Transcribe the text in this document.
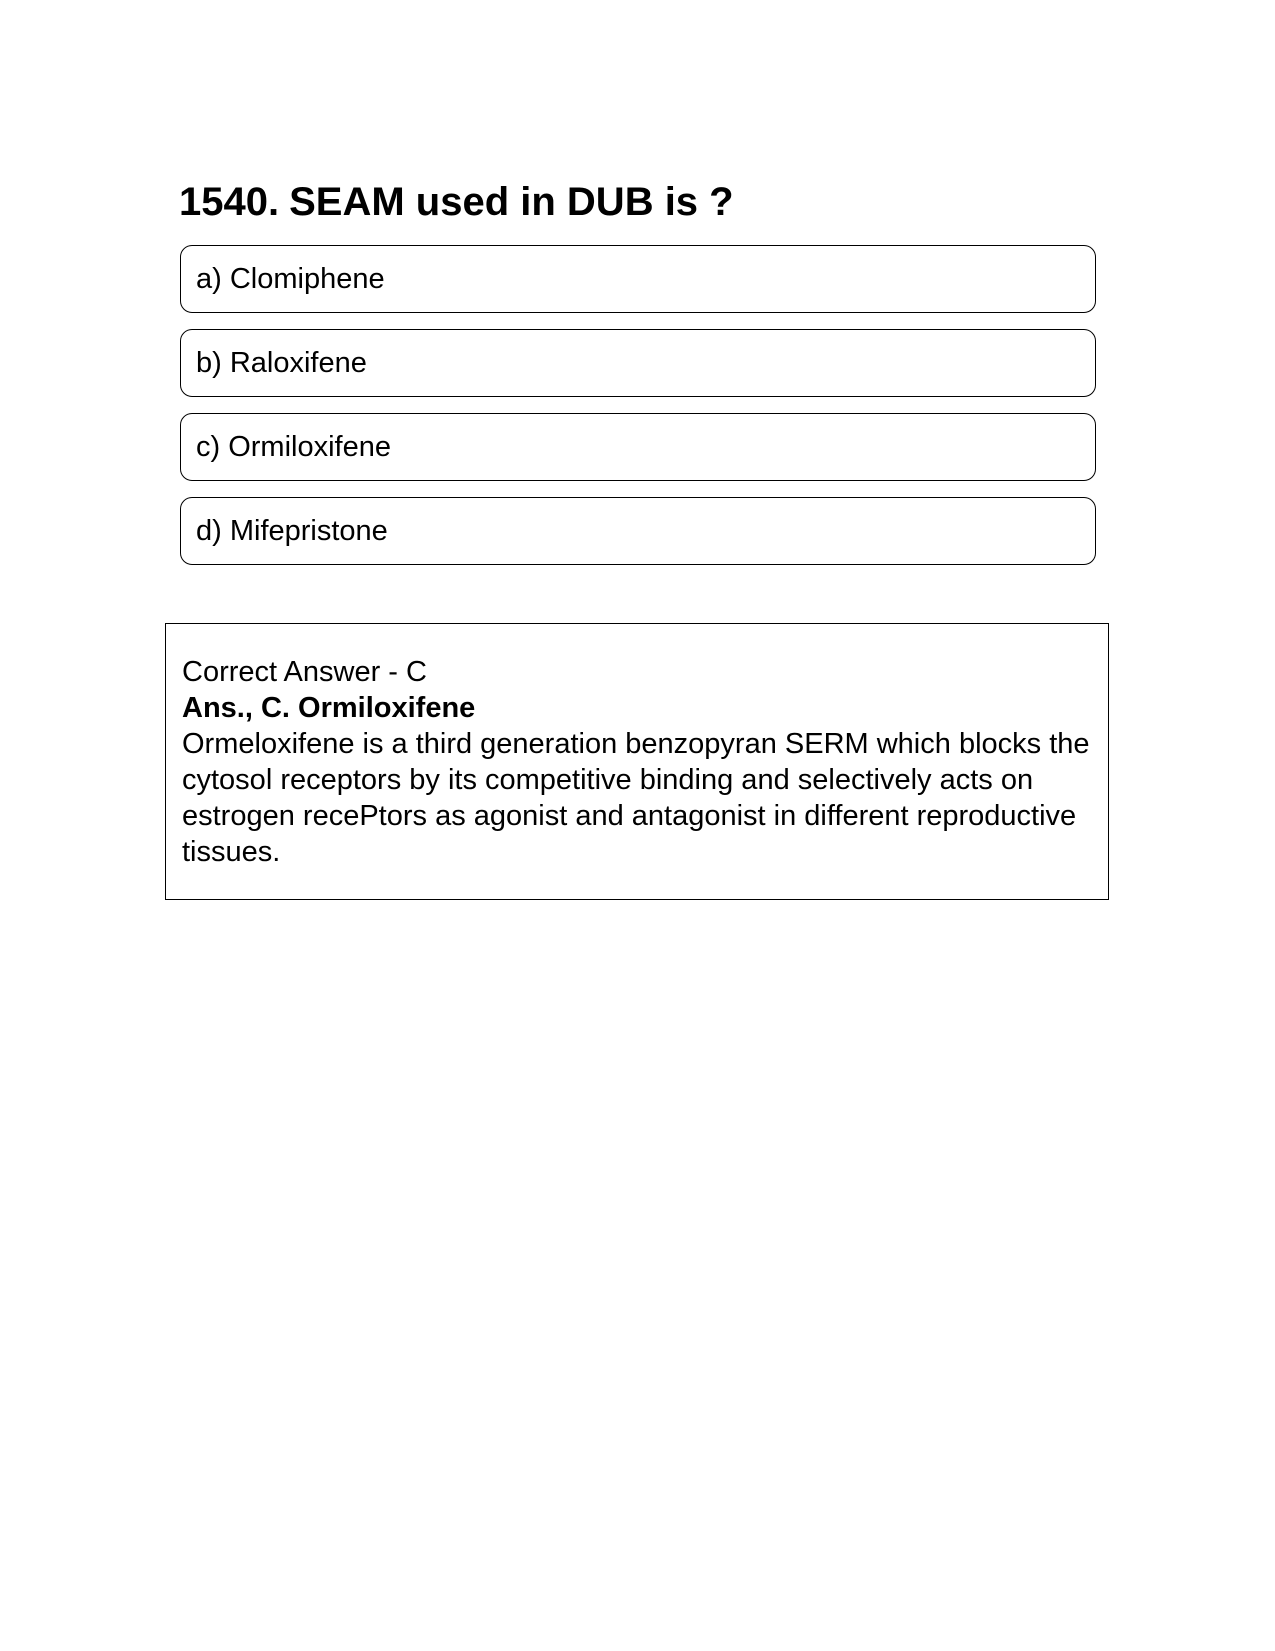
1540. SEAM used in DUB is ?
a) Clomiphene
b) Raloxifene
c) Ormiloxifene
d) Mifepristone

Correct Answer - C

Ans., C. Ormiloxifene

Ormeloxifene is a third generation benzopyran SERM which blocks the cytosol receptors by its competitive binding and selectively acts on estrogen recePtors as agonist and antagonist in different reproductive tissues.
